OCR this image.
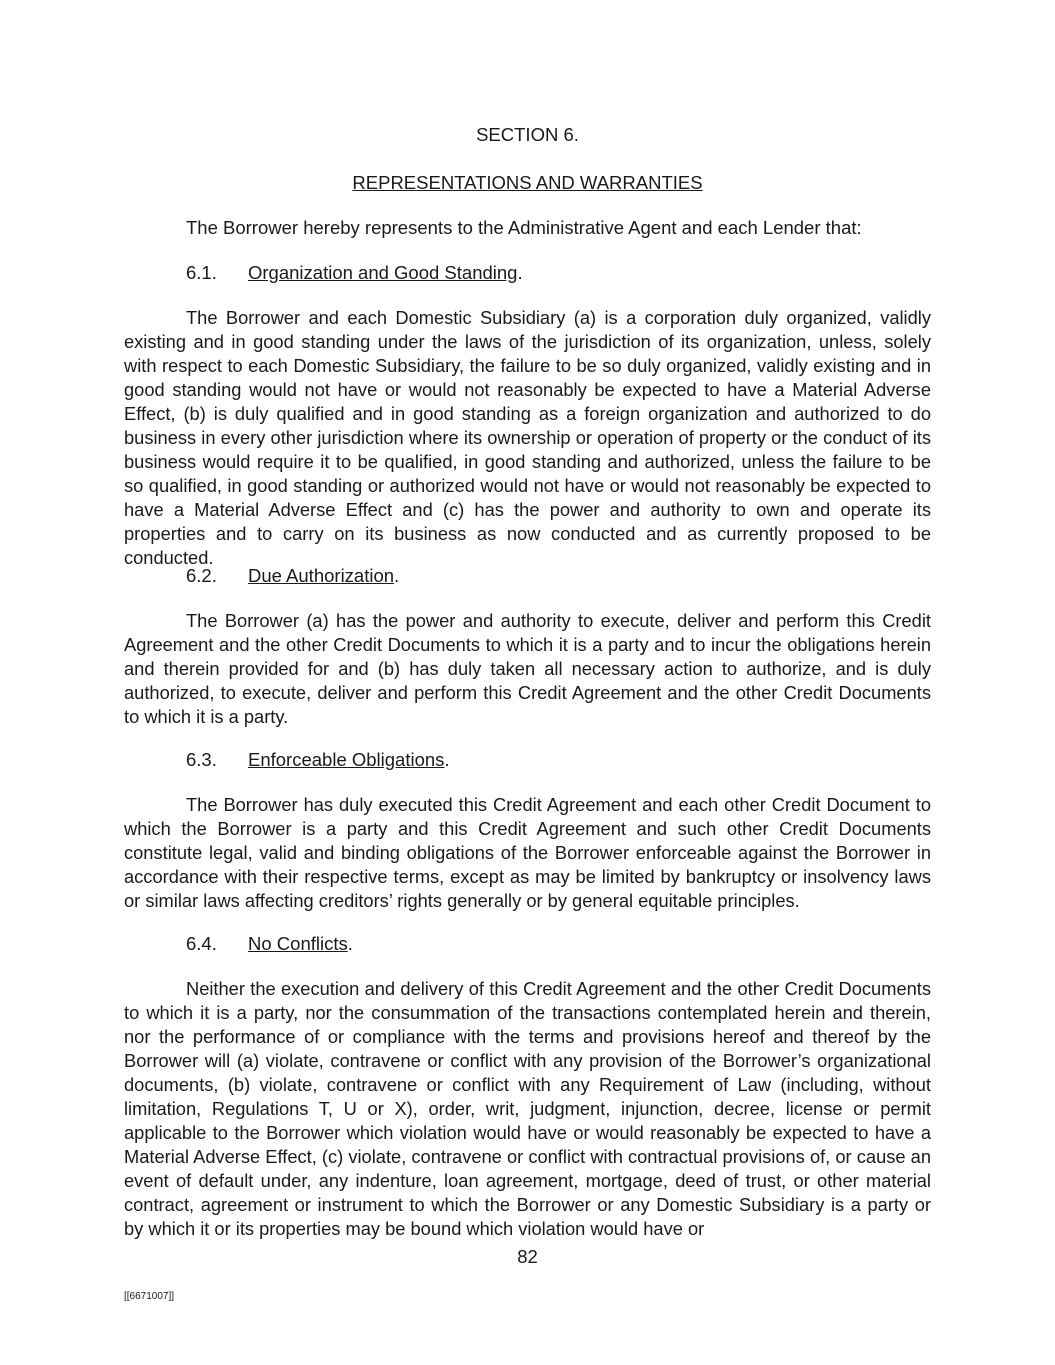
SECTION 6.
REPRESENTATIONS AND WARRANTIES
The Borrower hereby represents to the Administrative Agent and each Lender that:
6.1. Organization and Good Standing.

The Borrower and each Domestic Subsidiary (a) is a corporation duly organized, validly existing and in good standing under the laws of the jurisdiction of its organization, unless, solely with respect to each Domestic Subsidiary, the failure to be so duly organized, validly existing and in good standing would not have or would not reasonably be expected to have a Material Adverse Effect, (b) is duly qualified and in good standing as a foreign organization and authorized to do business in every other jurisdiction where its ownership or operation of property or the conduct of its business would require it to be qualified, in good standing and authorized, unless the failure to be so qualified, in good standing or authorized would not have or would not reasonably be expected to have a Material Adverse Effect and (c) has the power and authority to own and operate its properties and to carry on its business as now conducted and as currently proposed to be conducted.

6.2. Due Authorization.

The Borrower (a) has the power and authority to execute, deliver and perform this Credit Agreement and the other Credit Documents to which it is a party and to incur the obligations herein and therein provided for and (b) has duly taken all necessary action to authorize, and is duly authorized, to execute, deliver and perform this Credit Agreement and the other Credit Documents to which it is a party.

6.3. Enforceable Obligations.

The Borrower has duly executed this Credit Agreement and each other Credit Document to which the Borrower is a party and this Credit Agreement and such other Credit Documents constitute legal, valid and binding obligations of the Borrower enforceable against the Borrower in accordance with their respective terms, except as may be limited by bankruptcy or insolvency laws or similar laws affecting creditors’ rights generally or by general equitable principles.

6.4. No Conflicts.

Neither the execution and delivery of this Credit Agreement and the other Credit Documents to which it is a party, nor the consummation of the transactions contemplated herein and therein, nor the performance of or compliance with the terms and provisions hereof and thereof by the Borrower will (a) violate, contravene or conflict with any provision of the Borrower’s organizational documents, (b) violate, contravene or conflict with any Requirement of Law (including, without limitation, Regulations T, U or X), order, writ, judgment, injunction, decree, license or permit applicable to the Borrower which violation would have or would reasonably be expected to have a Material Adverse Effect, (c) violate, contravene or conflict with contractual provisions of, or cause an event of default under, any indenture, loan agreement, mortgage, deed of trust, or other material contract, agreement or instrument to which the Borrower or any Domestic Subsidiary is a party or by which it or its properties may be bound which violation would have or

82
[[6671007]]
